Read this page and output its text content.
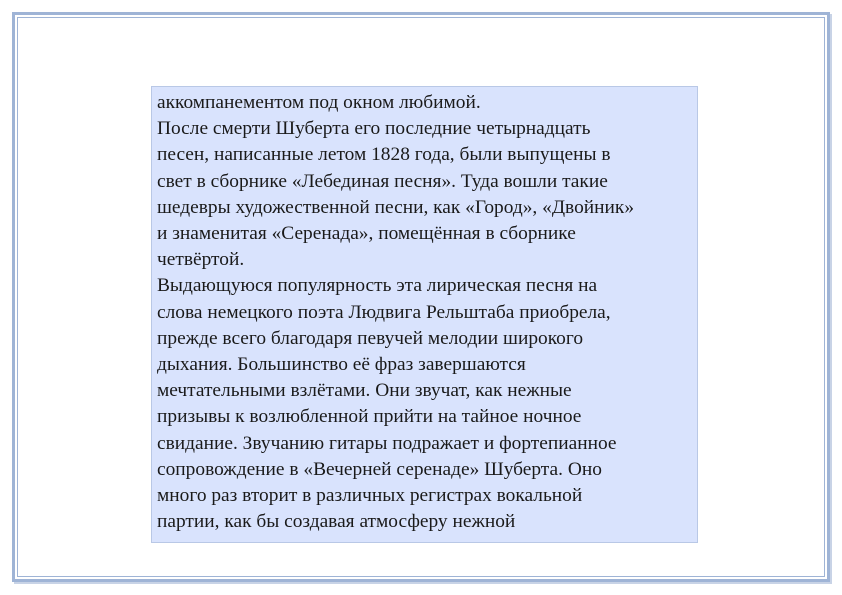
аккомпанементом под окном любимой.
После смерти Шуберта его последние четырнадцать
песен, написанные летом 1828 года, были выпущены в
свет в сборнике «Лебединая песня». Туда вошли такие
шедевры художественной песни, как «Город», «Двойник»
и знаменитая «Серенада», помещённая в сборнике
четвёртой.
Выдающуюся популярность эта лирическая песня на
слова немецкого поэта Людвига Рельштаба приобрела,
прежде всего благодаря певучей мелодии широкого
дыхания. Большинство её фраз завершаются
мечтательными взлётами. Они звучат, как нежные
призывы к возлюбленной прийти на тайное ночное
свидание. Звучанию гитары подражает и фортепианное
сопровождение в «Вечерней серенаде» Шуберта. Оно
много раз вторит в различных регистрах вокальной
партии, как бы создавая атмосферу нежной
